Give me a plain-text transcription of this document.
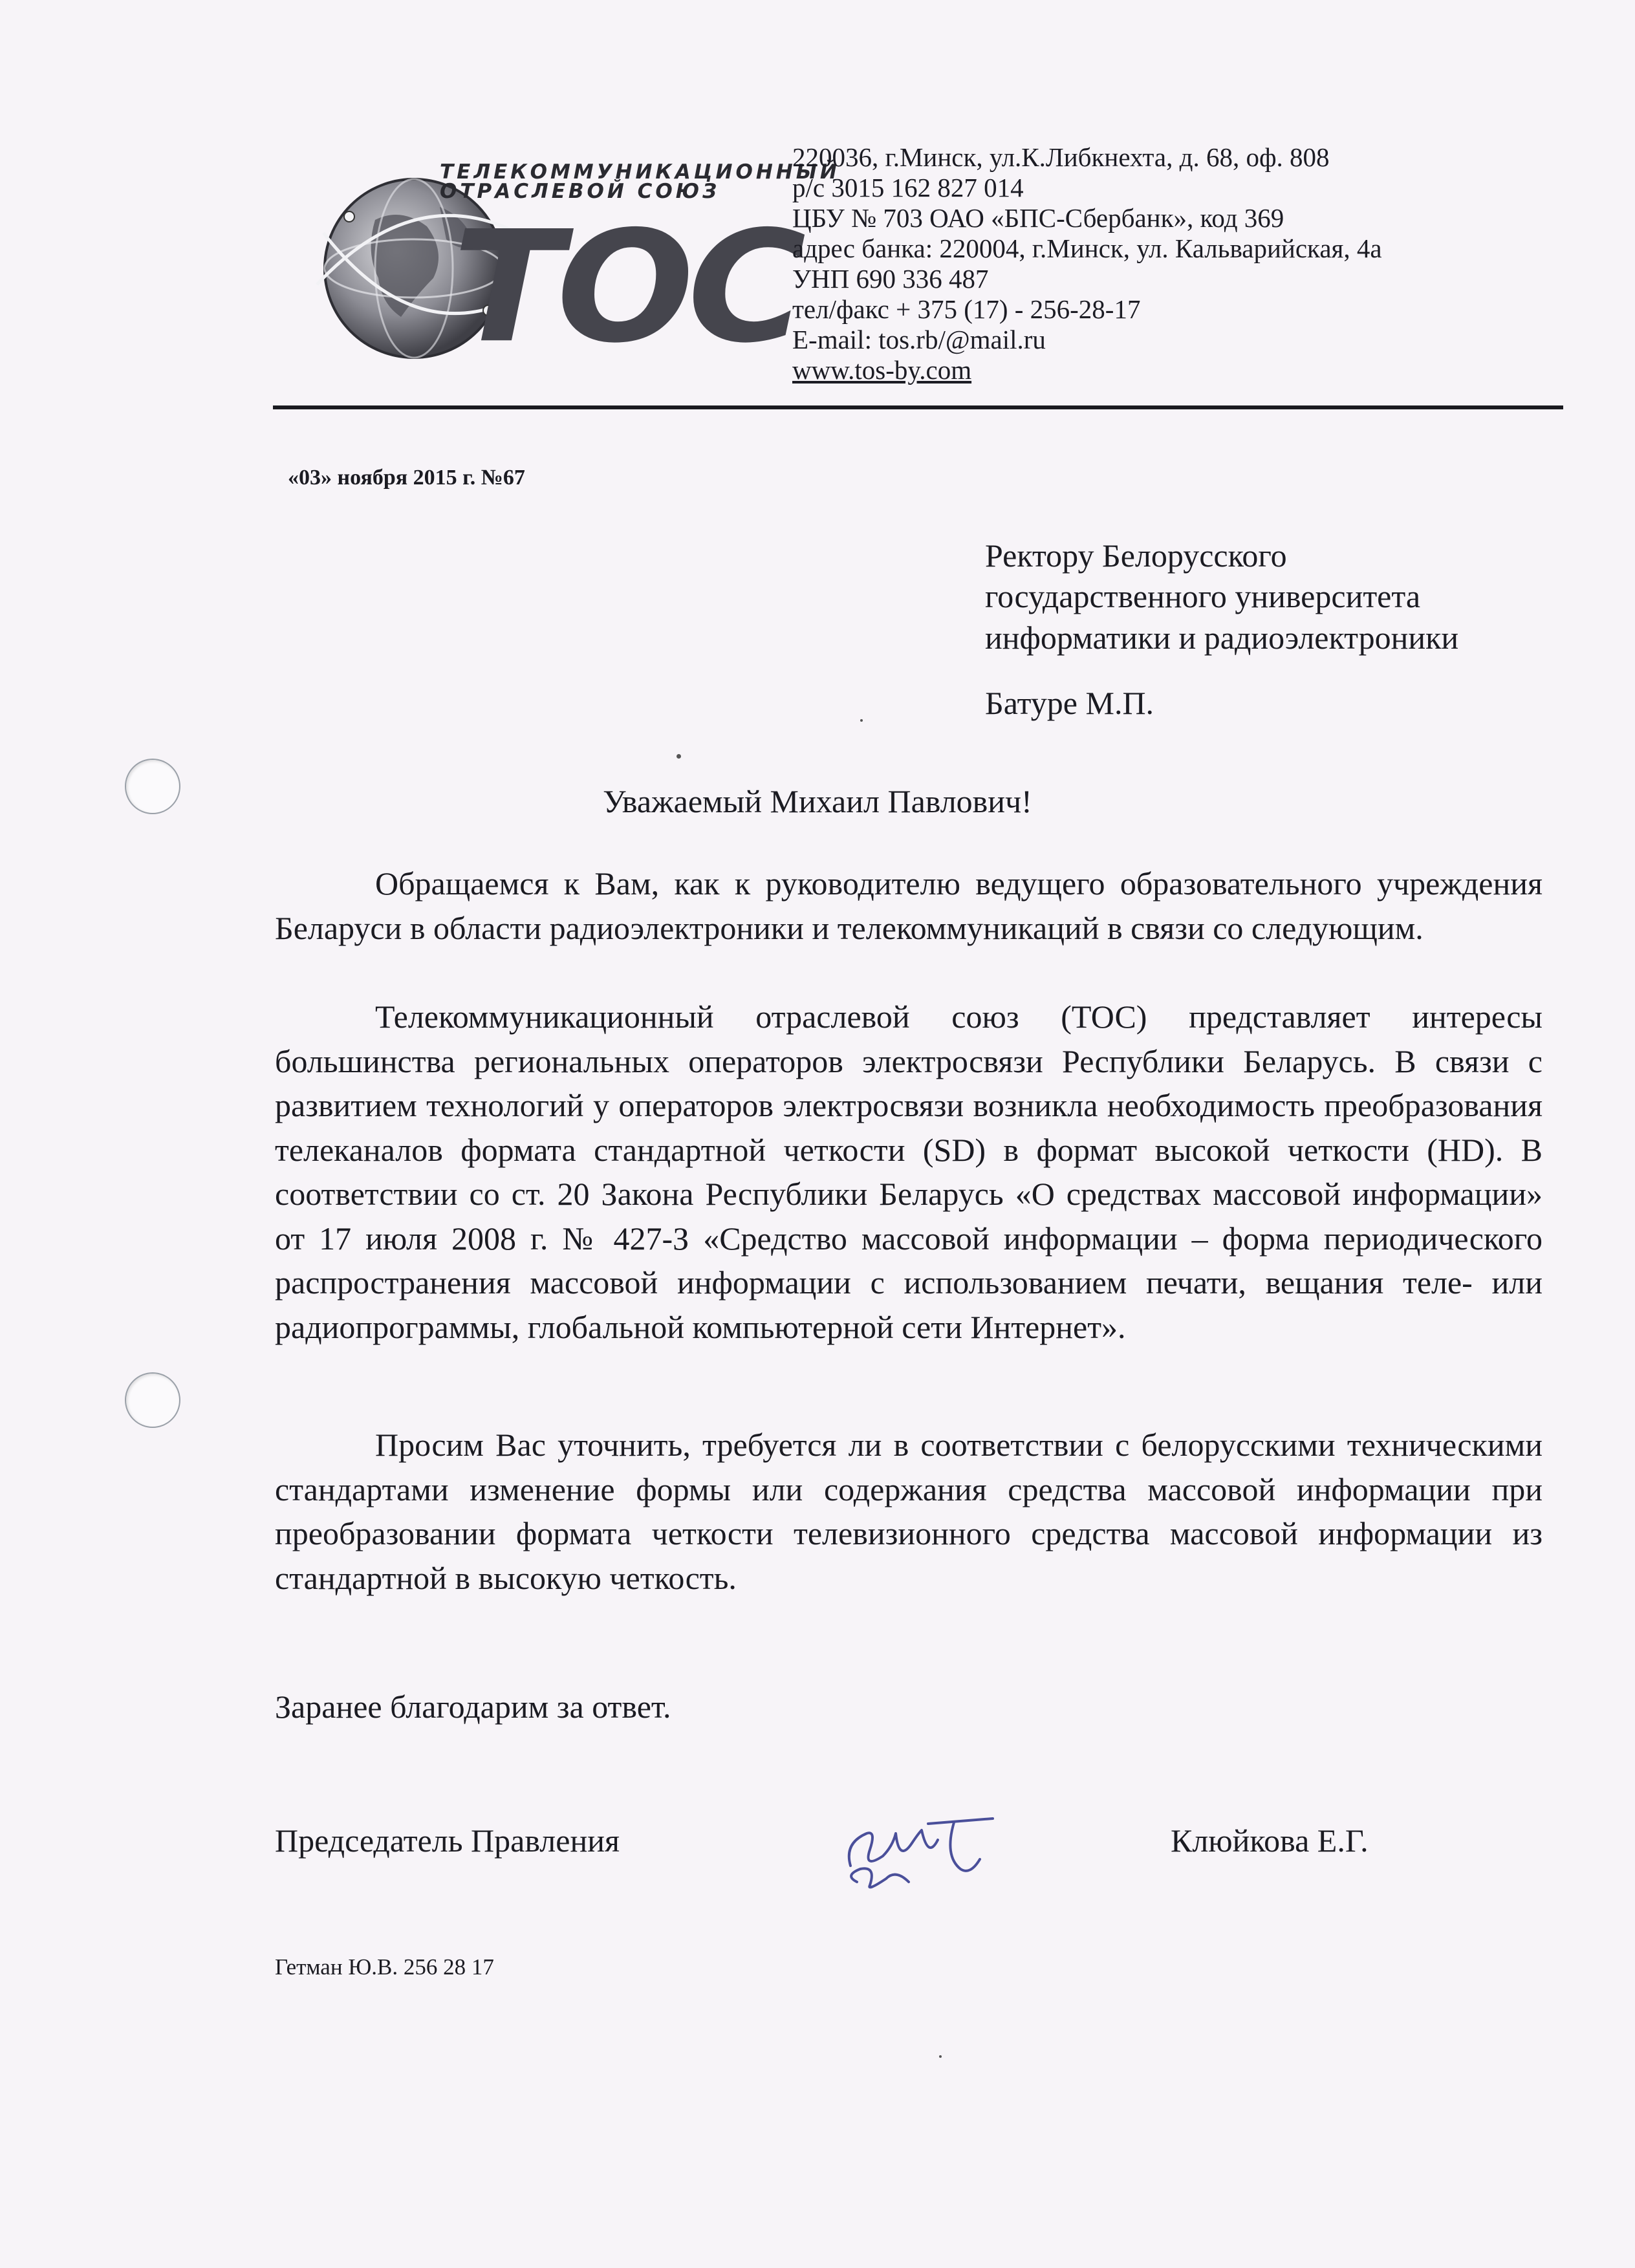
ТЕЛЕКОММУНИКАЦИОННЫЙ
ОТРАСЛЕВОЙ СОЮЗ
ТОС
220036, г.Минск, ул.К.Либкнехта, д. 68, оф. 808
р/с 3015 162 827 014
ЦБУ № 703 ОАО «БПС-Сбербанк», код 369
адрес банка: 220004, г.Минск, ул. Кальварийская, 4а
УНП 690 336 487
тел/факс + 375 (17) - 256-28-17
E-mail: tos.rb/@mail.ru
www.tos-by.com
«03» ноября 2015 г. №67
Ректору Белорусского
государственного университета
информатики и радиоэлектроники
Батуре М.П.
Уважаемый Михаил Павлович!
Обращаемся к Вам, как к руководителю ведущего образовательного учреждения Беларуси в области радиоэлектроники и телекоммуникаций в связи со следующим.
Телекоммуникационный отраслевой союз (ТОС) представляет интересы большинства региональных операторов электросвязи Республики Беларусь. В связи с развитием технологий у операторов электросвязи возникла необходимость преобразования телеканалов формата стандартной четкости (SD) в формат высокой четкости (HD). В соответствии со ст. 20 Закона Республики Беларусь «О средствах массовой информации» от 17 июля 2008 г. № 427-З «Средство массовой информации – форма периодического распространения массовой информации с использованием печати, вещания теле- или радиопрограммы, глобальной компьютерной сети Интернет».
Просим Вас уточнить, требуется ли в соответствии с белорусскими техническими стандартами изменение формы или содержания средства массовой информации при преобразовании формата четкости телевизионного средства массовой информации из стандартной в высокую четкость.
Заранее благодарим за ответ.
Председатель Правления	Клюйкова Е.Г.
Гетман Ю.В. 256 28 17
